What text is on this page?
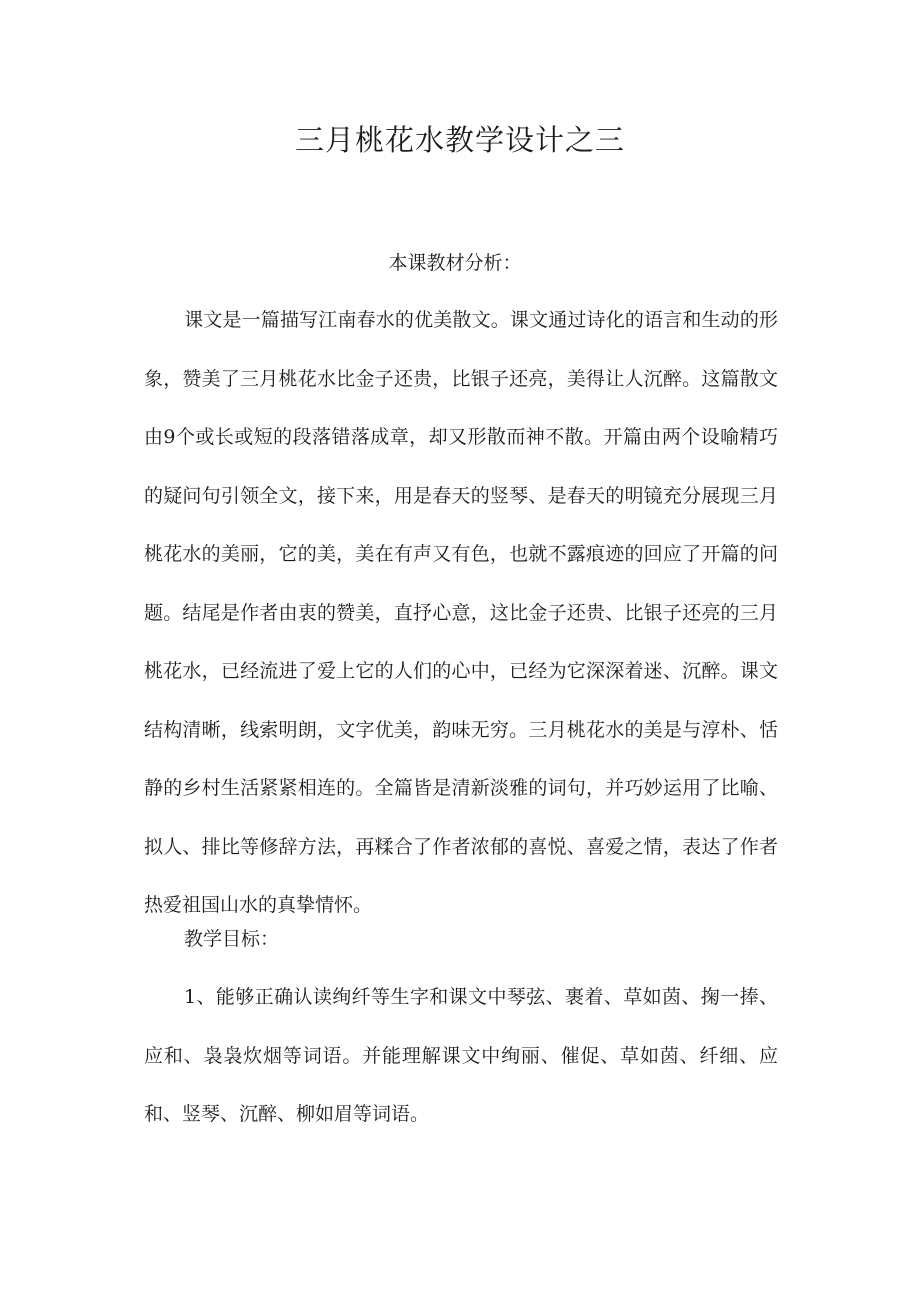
三月桃花水教学设计之三
本课教材分析：

课文是一篇描写江南春水的优美散文。课文通过诗化的语言和生动的形象，赞美了三月桃花水比金子还贵，比银子还亮，美得让人沉醉。这篇散文由9个或长或短的段落错落成章，却又形散而神不散。开篇由两个设喻精巧的疑问句引领全文，接下来，用是春天的竖琴、是春天的明镜充分展现三月桃花水的美丽，它的美，美在有声又有色，也就不露痕迹的回应了开篇的问题。结尾是作者由衷的赞美，直抒心意，这比金子还贵、比银子还亮的三月桃花水，已经流进了爱上它的人们的心中，已经为它深深着迷、沉醉。课文结构清晰，线索明朗，文字优美，韵味无穷。三月桃花水的美是与淳朴、恬静的乡村生活紧紧相连的。全篇皆是清新淡雅的词句，并巧妙运用了比喻、拟人、排比等修辞方法，再糅合了作者浓郁的喜悦、喜爱之情，表达了作者热爱祖国山水的真挚情怀。

教学目标：

1、能够正确认读绚纤等生字和课文中琴弦、裹着、草如茵、掬一捧、应和、袅袅炊烟等词语。并能理解课文中绚丽、催促、草如茵、纤细、应和、竖琴、沉醉、柳如眉等词语。
